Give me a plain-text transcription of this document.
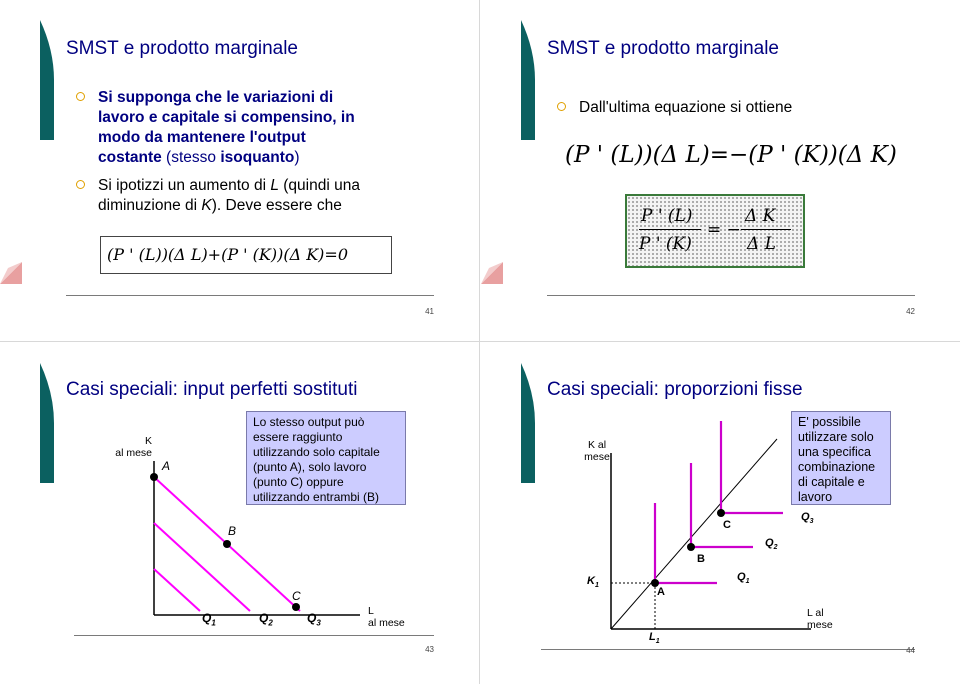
SMST e prodotto marginale
Si supponga che le variazioni di
lavoro e capitale si compensino, in
modo da mantenere l'output
costante (stesso isoquanto)
Si ipotizzi un aumento di L (quindi una
diminuzione di K). Deve essere che
(P ' (L))(Δ L)+(P ' (K))(Δ K)=0
41
SMST e prodotto marginale
Dall'ultima equazione si ottiene
(P ' (L))(Δ L)=−(P ' (K))(Δ K)
P ' (L)
P ' (K)
= −
Δ K
Δ L
42
Casi speciali: input perfetti sostituti
K
al mese
L
al mese
A
B
C
$Q_1$	$Q_2$	$Q_3$
Lo stesso output può essere raggiunto utilizzando solo capitale (punto A), solo lavoro (punto C) oppure utilizzando entrambi (B)
43
Casi speciali: proporzioni fisse
K al
mese
L al
mese
A
B
C
$Q_1$
$Q_2$
$Q_3$
$K_1$
$L_1$
E' possibile utilizzare solo una specifica combinazione di capitale e lavoro
44
